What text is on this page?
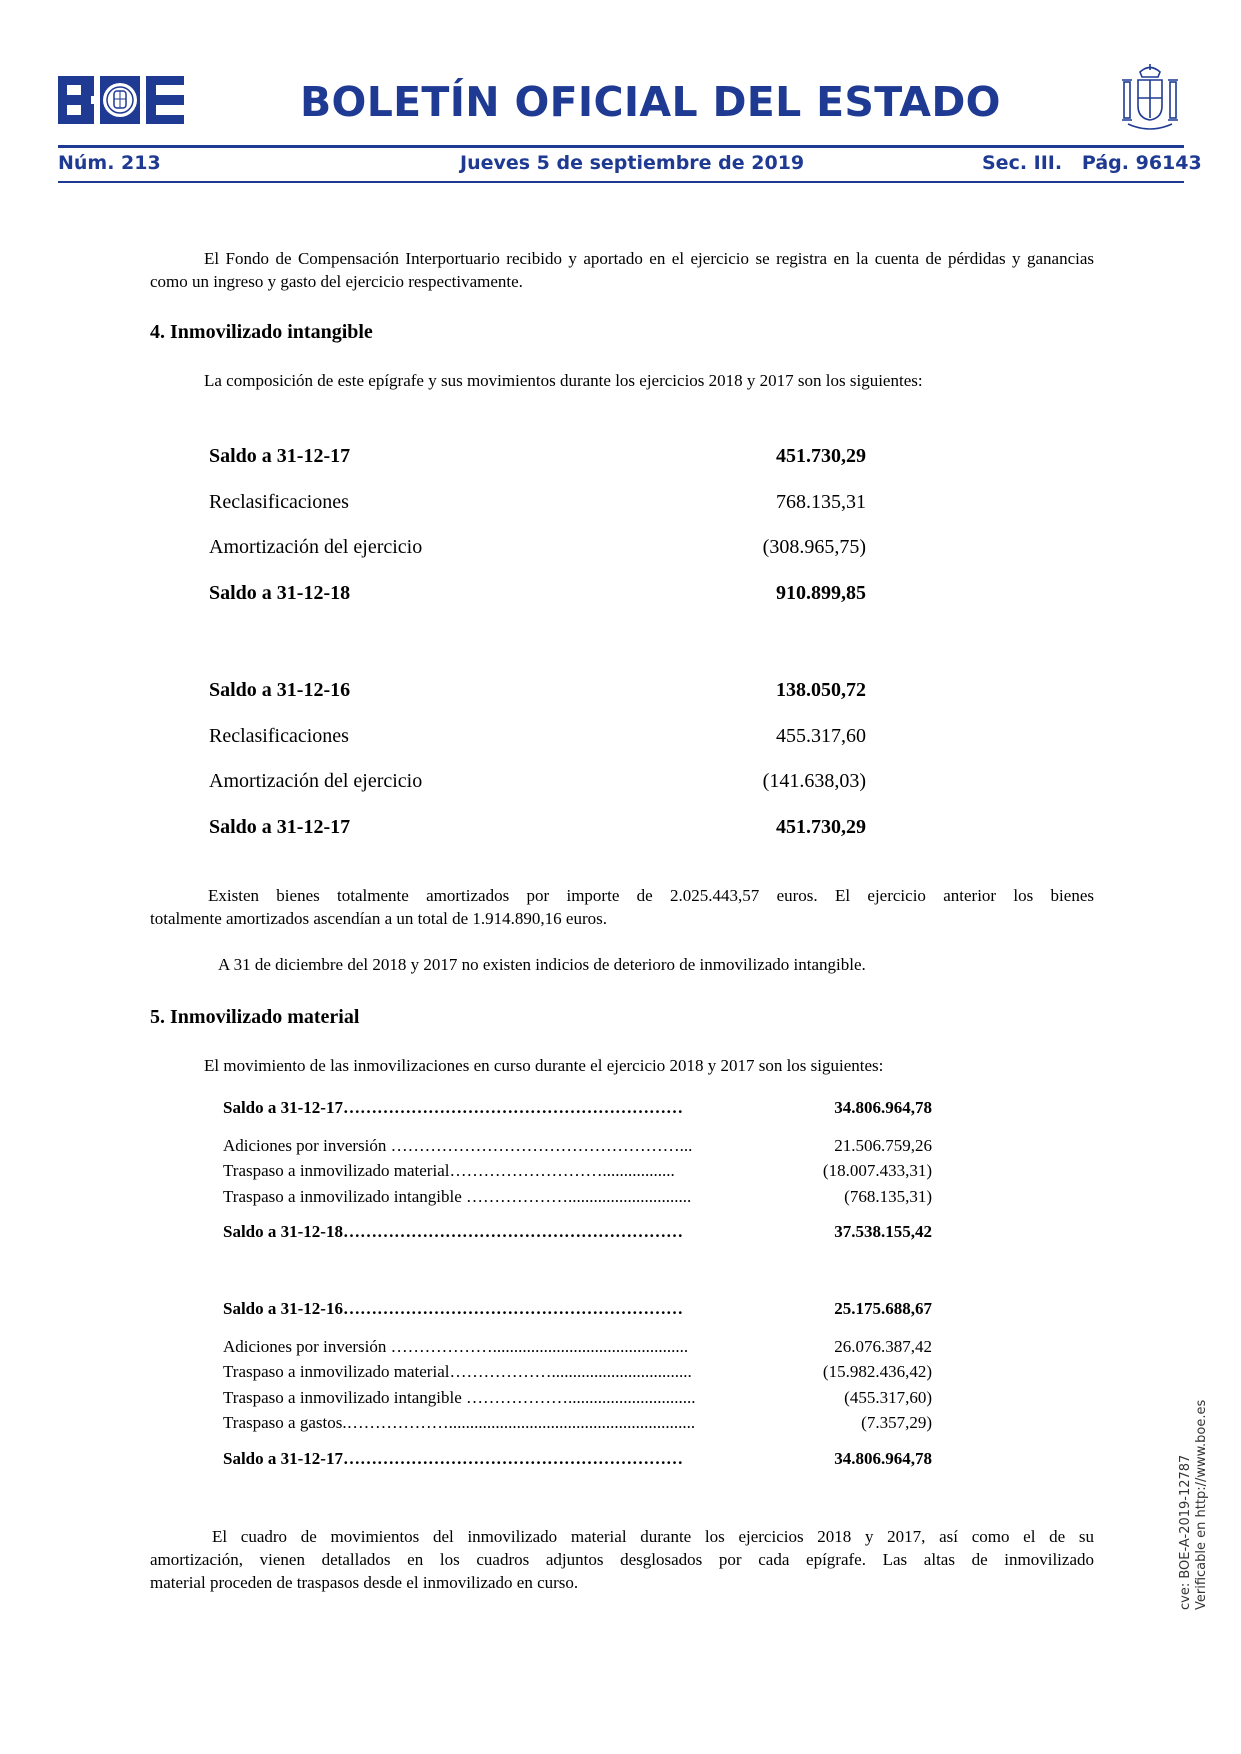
BOLETÍN OFICIAL DEL ESTADO
Núm. 213	Jueves 5 de septiembre de 2019	Sec. III.   Pág. 96143
El Fondo de Compensación Interportuario recibido y aportado en el ejercicio se registra en la cuenta de pérdidas y ganancias como un ingreso y gasto del ejercicio respectivamente.
4. Inmovilizado intangible
La composición de este epígrafe y sus movimientos durante los ejercicios 2018 y 2017 son los siguientes:
Saldo a 31-12-17	451.730,29
Reclasificaciones	768.135,31
Amortización del ejercicio	(308.965,75)
Saldo a 31-12-18	910.899,85
Saldo a 31-12-16	138.050,72
Reclasificaciones	455.317,60
Amortización del ejercicio	(141.638,03)
Saldo a 31-12-17	451.730,29
Existen bienes totalmente amortizados por importe de 2.025.443,57 euros. El ejercicio anterior los bienes
totalmente amortizados ascendían a un total de 1.914.890,16 euros.
A 31 de diciembre del 2018 y 2017 no existen indicios de deterioro de inmovilizado intangible.
5. Inmovilizado material
El movimiento de las inmovilizaciones en curso durante el ejercicio 2018 y 2017 son los siguientes:
Saldo a 31-12-17……………………………………………………	34.806.964,78
Adiciones por inversión ……………………………………………...	21.506.759,26
Traspaso a inmovilizado material……………………….................	(18.007.433,31)
Traspaso a inmovilizado intangible ……………….............................	(768.135,31)
Saldo a 31-12-18……………………………………………………	37.538.155,42
Saldo a 31-12-16……………………………………………………	25.175.688,67
Adiciones por inversión ………………..............................................	26.076.387,42
Traspaso a inmovilizado material……………….................................	(15.982.436,42)
Traspaso a inmovilizado intangible ………………..............................	(455.317,60)
Traspaso a gastos.………………..........................................................	(7.357,29)
Saldo a 31-12-17……………………………………………………	34.806.964,78
El cuadro de movimientos del inmovilizado material durante los ejercicios 2018 y 2017, así como el de su
amortización, vienen detallados en los cuadros adjuntos desglosados por cada epígrafe. Las altas de inmovilizado
material proceden de traspasos desde el inmovilizado en curso.	cve: BOE-A-2019-12787 Verificable en http://www.boe.es
